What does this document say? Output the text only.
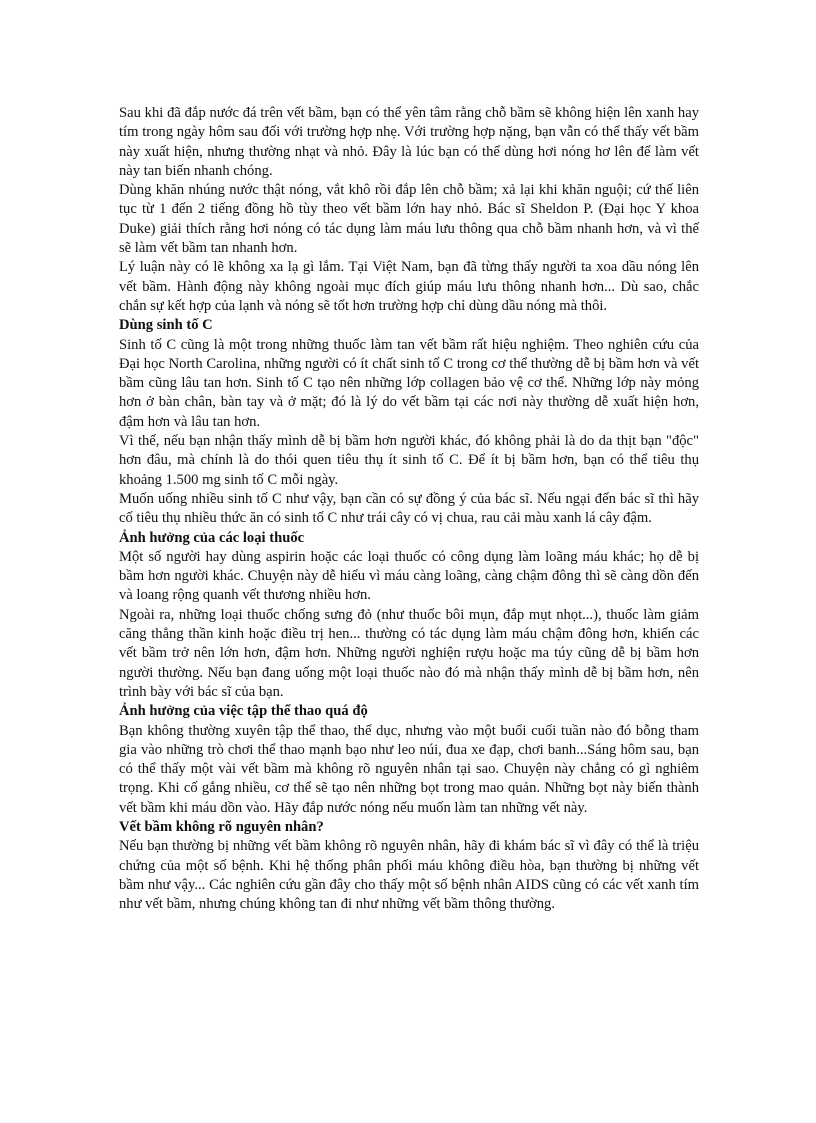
Sau khi đã đắp nước đá trên vết bầm, bạn có thể yên tâm rằng chỗ bầm sẽ không hiện lên xanh hay tím trong ngày hôm sau đối với trường hợp nhẹ. Với trường hợp nặng, bạn vẫn có thể thấy vết bầm này xuất hiện, nhưng thường nhạt và nhỏ. Đây là lúc bạn có thể dùng hơi nóng hơ lên để làm vết này tan biến nhanh chóng.

Dùng khăn nhúng nước thật nóng, vắt khô rồi đắp lên chỗ bầm; xả lại khi khăn nguội; cứ thế liên tục từ 1 đến 2 tiếng đồng hồ tùy theo vết bầm lớn hay nhỏ. Bác sĩ Sheldon P. (Đại học Y khoa Duke) giải thích rằng hơi nóng có tác dụng làm máu lưu thông qua chỗ bầm nhanh hơn, và vì thế sẽ làm vết bầm tan nhanh hơn.

Lý luận này có lẽ không xa lạ gì lắm. Tại Việt Nam, bạn đã từng thấy người ta xoa dầu nóng lên vết bầm. Hành động này không ngoài mục đích giúp máu lưu thông nhanh hơn... Dù sao, chắc chắn sự kết hợp của lạnh và nóng sẽ tốt hơn trường hợp chỉ dùng dầu nóng mà thôi.

Dùng sinh tố C

Sinh tố C cũng là một trong những thuốc làm tan vết bầm rất hiệu nghiệm. Theo nghiên cứu của Đại học North Carolina, những người có ít chất sinh tố C trong cơ thể thường dễ bị bầm hơn và vết bầm cũng lâu tan hơn. Sinh tố C tạo nên những lớp collagen bảo vệ cơ thể. Những lớp này mỏng hơn ở bàn chân, bàn tay và ở mặt; đó là lý do vết bầm tại các nơi này thường dễ xuất hiện hơn, đậm hơn và lâu tan hơn.

Vì thế, nếu bạn nhận thấy mình dễ bị bầm hơn người khác, đó không phải là do da thịt bạn "độc" hơn đâu, mà chính là do thói quen tiêu thụ ít sinh tố C. Để ít bị bầm hơn, bạn có thể tiêu thụ khoảng 1.500 mg sinh tố C mỗi ngày.

Muốn uống nhiều sinh tố C như vậy, bạn cần có sự đồng ý của bác sĩ. Nếu ngại đến bác sĩ thì hãy cố tiêu thụ nhiều thức ăn có sinh tố C như trái cây có vị chua, rau cải màu xanh lá cây đậm.

Ảnh hưởng của các loại thuốc

Một số người hay dùng aspirin hoặc các loại thuốc có công dụng làm loãng máu khác; họ dễ bị bầm hơn người khác. Chuyện này dễ hiểu vì máu càng loãng, càng chậm đông thì sẽ càng dồn đến và loang rộng quanh vết thương nhiều hơn.

Ngoài ra, những loại thuốc chống sưng đỏ (như thuốc bôi mụn, đắp mụt nhọt...), thuốc làm giảm căng thẳng thần kinh hoặc điều trị hen... thường có tác dụng làm máu chậm đông hơn, khiến các vết bầm trở nên lớn hơn, đậm hơn. Những người nghiện rượu hoặc ma túy cũng dễ bị bầm hơn người thường. Nếu bạn đang uống một loại thuốc nào đó mà nhận thấy mình dễ bị bầm hơn, nên trình bày với bác sĩ của bạn.

Ảnh hưởng của việc tập thể thao quá độ

Bạn không thường xuyên tập thể thao, thể dục, nhưng vào một buổi cuối tuần nào đó bỗng tham gia vào những trò chơi thể thao mạnh bạo như leo núi, đua xe đạp, chơi banh...Sáng hôm sau, bạn có thể thấy một vài vết bầm mà không rõ nguyên nhân tại sao. Chuyện này chẳng có gì nghiêm trọng. Khi cố gắng nhiều, cơ thể sẽ tạo nên những bọt trong mao quản. Những bọt này biến thành vết bầm khi máu dồn vào. Hãy đắp nước nóng nếu muốn làm tan những vết này.

Vết bầm không rõ nguyên nhân?

Nếu bạn thường bị những vết bầm không rõ nguyên nhân, hãy đi khám bác sĩ vì đây có thể là triệu chứng của một số bệnh. Khi hệ thống phân phối máu không điều hòa, bạn thường bị những vết bầm như vậy... Các nghiên cứu gần đây cho thấy một số bệnh nhân AIDS cũng có các vết xanh tím như vết bầm, nhưng chúng không tan đi như những vết bầm thông thường.
